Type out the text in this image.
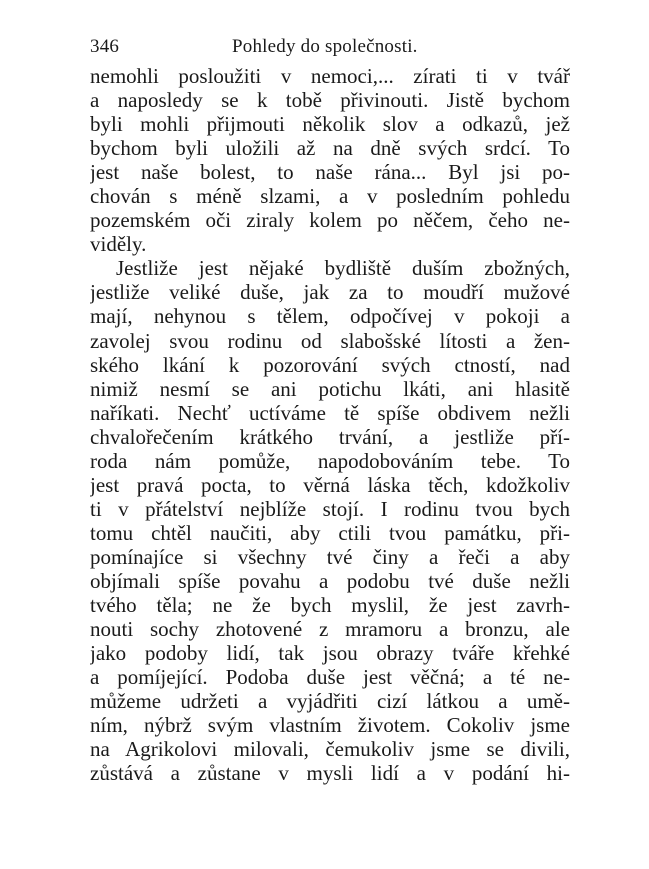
346	Pohledy do společnosti.
nemohli posloužiti v nemoci,... zírati ti v tvář
a naposledy se k tobě přivinouti. Jistě bychom
byli mohli přijmouti několik slov a odkazů, jež
bychom byli uložili až na dně svých srdcí. To
jest naše bolest, to naše rána... Byl jsi po-
chován s méně slzami, a v posledním pohledu
pozemském oči ziraly kolem po něčem, čeho ne-
viděly.
Jestliže jest nějaké bydliště duším zbožných,
jestliže veliké duše, jak za to moudří mužové
mají, nehynou s tělem, odpočívej v pokoji a
zavolej svou rodinu od slabošské lítosti a žen-
ského lkání k pozorování svých ctností, nad
nimiž nesmí se ani potichu lkáti, ani hlasitě
naříkati. Nechť uctíváme tě spíše obdivem nežli
chvalořečením krátkého trvání, a jestliže pří-
roda nám pomůže, napodobováním tebe. To
jest pravá pocta, to věrná láska těch, kdožkoliv
ti v přátelství nejblíže stojí. I rodinu tvou bych
tomu chtěl naučiti, aby ctili tvou památku, při-
pomínajíce si všechny tvé činy a řeči a aby
objímali spíše povahu a podobu tvé duše nežli
tvého těla; ne že bych myslil, že jest zavrh-
nouti sochy zhotovené z mramoru a bronzu, ale
jako podoby lidí, tak jsou obrazy tváře křehké
a pomíjející. Podoba duše jest věčná; a té ne-
můžeme udržeti a vyjádřiti cizí látkou a umě-
ním, nýbrž svým vlastním životem. Cokoliv jsme
na Agrikolovi milovali, čemukoliv jsme se divili,
zůstává a zůstane v mysli lidí a v podání hi-
